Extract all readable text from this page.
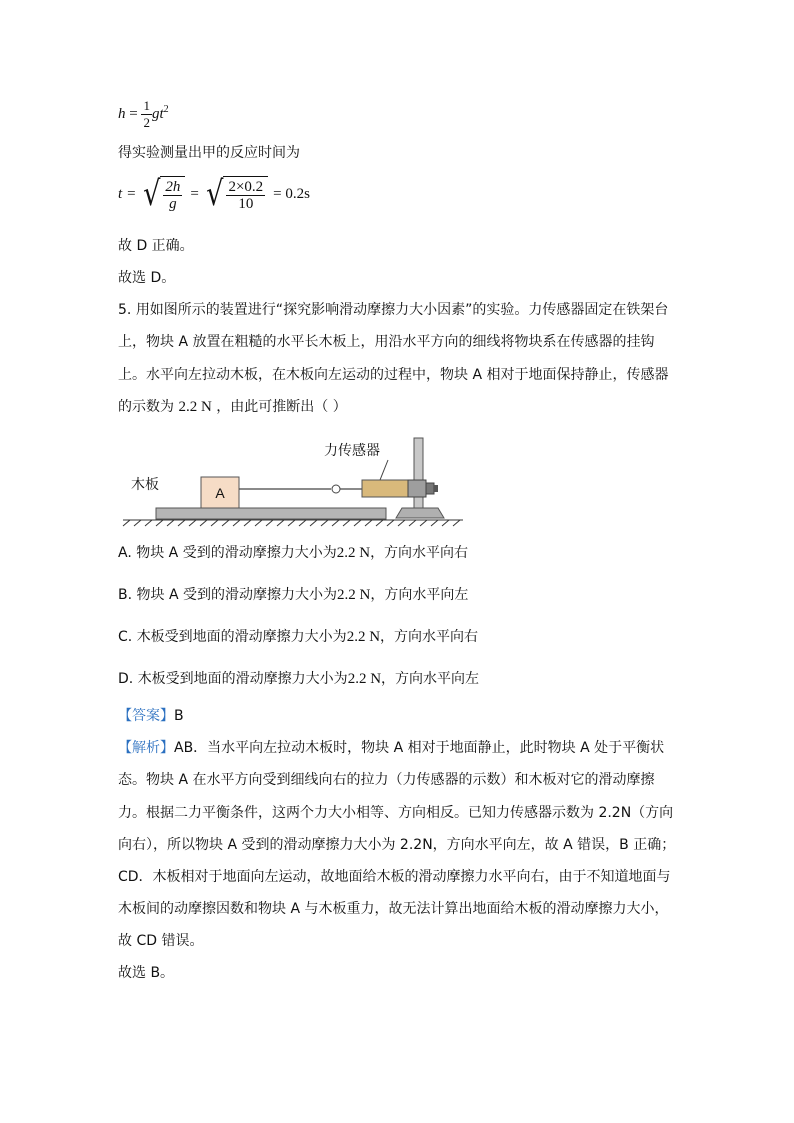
$h = \frac{1}{2} gt^2$
得实验测量出甲的反应时间为
t = √ $\frac{2h}{g}$ = √ $\frac{2\times 0.2}{10} = 0.2s$
故 D 正确。
故选 D。
5. 用如图所示的装置进行“探究影响滑动摩擦力大小因素”的实验。力传感器固定在铁架台
上，物块 A 放置在粗糙的水平长木板上，用沿水平方向的细线将物块系在传感器的挂钩
上。水平向左拉动木板，在木板向左运动的过程中，物块 A 相对于地面保持静止，传感器
的示数为 2.2 N ，由此可推断出（ ）
A
力传感器
木板
A. 物块 A 受到的滑动摩擦力大小为2.2 N，方向水平向右
B. 物块 A 受到的滑动摩擦力大小为2.2 N，方向水平向左
C. 木板受到地面的滑动摩擦力大小为2.2 N，方向水平向右
D. 木板受到地面的滑动摩擦力大小为2.2 N，方向水平向左
【答案】B
【解析】AB．当水平向左拉动木板时，物块 A 相对于地面静止，此时物块 A 处于平衡状
态。物块 A 在水平方向受到细线向右的拉力（力传感器的示数）和木板对它的滑动摩擦
力。根据二力平衡条件，这两个力大小相等、方向相反。已知力传感器示数为 2.2N（方向
向右），所以物块 A 受到的滑动摩擦力大小为 2.2N，方向水平向左，故 A 错误，B 正确；
CD．木板相对于地面向左运动，故地面给木板的滑动摩擦力水平向右，由于不知道地面与
木板间的动摩擦因数和物块 A 与木板重力，故无法计算出地面给木板的滑动摩擦力大小，
故 CD 错误。
故选 B。
